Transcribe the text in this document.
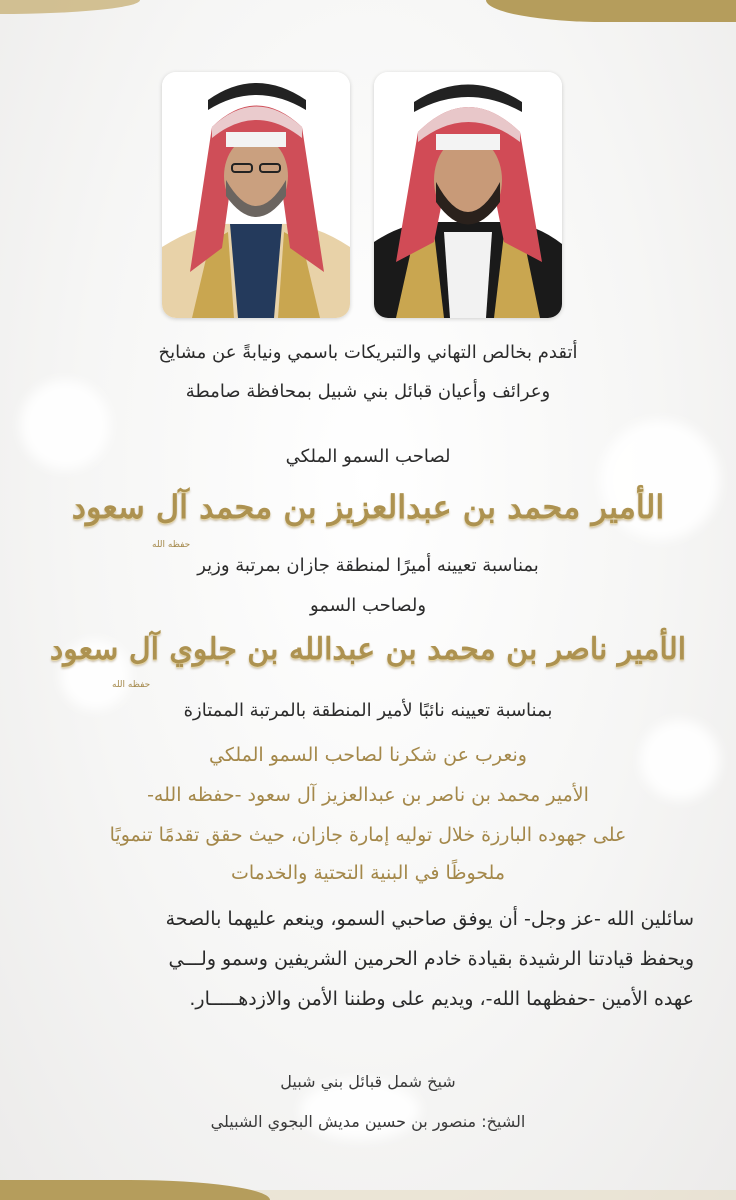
أتقدم بخالص التهاني والتبريكات باسمي ونيابةً عن مشايخ
وعرائف وأعيان قبائل بني شبيل بمحافظة صامطة
لصاحب السمو الملكي
الأمير محمد بن عبدالعزيز بن محمد آل سعود
حفظه الله
بمناسبة تعيينه أميرًا لمنطقة جازان بمرتبة وزير
ولصاحب السمو
الأمير ناصر بن محمد بن عبدالله بن جلوي آل سعود
حفظه الله
بمناسبة تعيينه نائبًا لأمير المنطقة بالمرتبة الممتازة
ونعرب عن شكرنا لصاحب السمو الملكي
الأمير محمد بن ناصر بن عبدالعزيز آل سعود -حفظه الله-
على جهوده البارزة خلال توليه إمارة جازان، حيث حقق تقدمًا تنمويًا
ملحوظًا في البنية التحتية والخدمات
سائلين الله -عز وجل- أن يوفق صاحبي السمو، وينعم عليهما بالصحة
ويحفظ قيادتنا الرشيدة بقيادة خادم الحرمين الشريفين وسمو ولـــي
عهده الأمين -حفظهما الله-، ويديم على وطننا الأمن والازدهـــــار.
شيخ شمل قبائل بني شبيل
الشيخ: منصور بن حسين مديش البجوي الشبيلي
